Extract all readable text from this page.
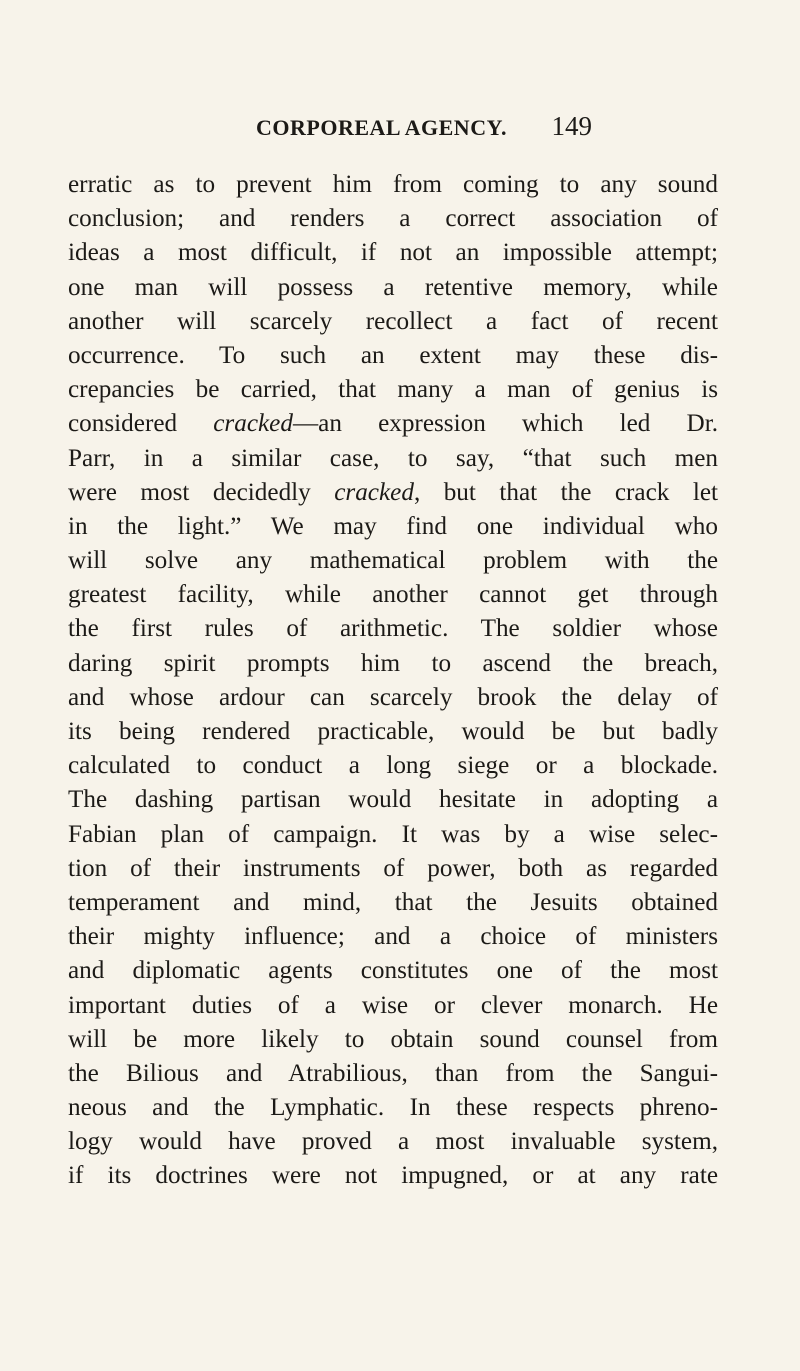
CORPOREAL AGENCY. 149
erratic as to prevent him from coming to any sound
conclusion; and renders a correct association of
ideas a most difficult, if not an impossible attempt;
one man will possess a retentive memory, while
another will scarcely recollect a fact of recent
occurrence. To such an extent may these dis-
crepancies be carried, that many a man of genius is
considered cracked—an expression which led Dr.
Parr, in a similar case, to say, “that such men
were most decidedly cracked, but that the crack let
in the light.” We may find one individual who
will solve any mathematical problem with the
greatest facility, while another cannot get through
the first rules of arithmetic. The soldier whose
daring spirit prompts him to ascend the breach,
and whose ardour can scarcely brook the delay of
its being rendered practicable, would be but badly
calculated to conduct a long siege or a blockade.
The dashing partisan would hesitate in adopting a
Fabian plan of campaign. It was by a wise selec-
tion of their instruments of power, both as regarded
temperament and mind, that the Jesuits obtained
their mighty influence; and a choice of ministers
and diplomatic agents constitutes one of the most
important duties of a wise or clever monarch. He
will be more likely to obtain sound counsel from
the Bilious and Atrabilious, than from the Sangui-
neous and the Lymphatic. In these respects phreno-
logy would have proved a most invaluable system,
if its doctrines were not impugned, or at any rate
